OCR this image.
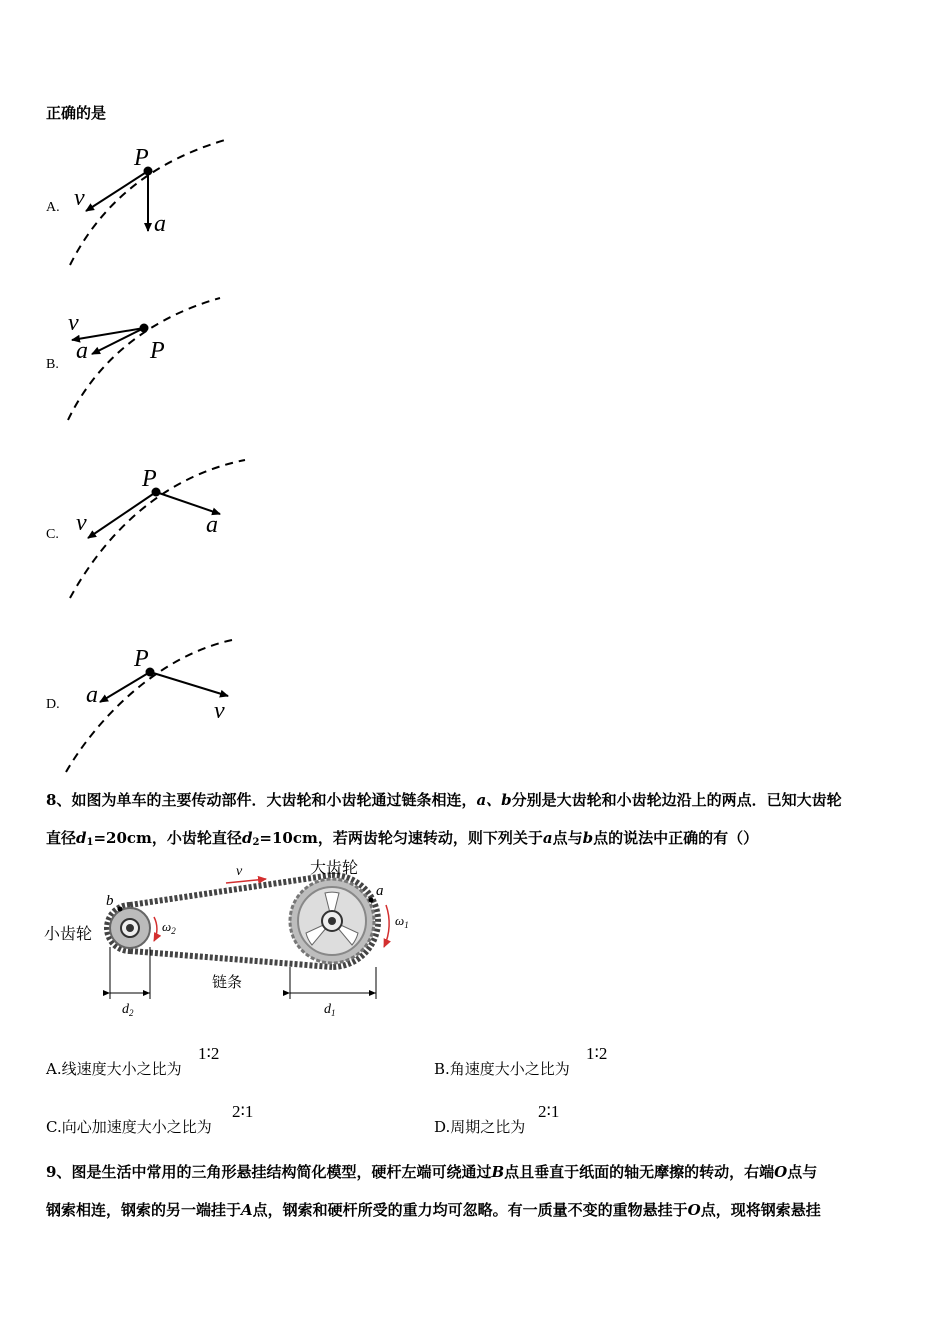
正确的是
A.
P
v
a
B.
v
a	P
C.
P
v	a
D.
P
a
v
8、如图为单车的主要传动部件．大齿轮和小齿轮通过链条相连，a、b分别是大齿轮和小齿轮边沿上的两点．已知大齿轮
直径$d_1=20cm$，小齿轮直径$d_2=10cm$，若两齿轮匀速转动，则下列关于a点与b点的说法中正确的有（）
v	大齿轮
小齿轮
链条
b
a
$\omega_2$
$\omega_1$
$d_2$	$d_1$
A.线速度大小之比为
1∶2
B.角速度大小之比为
1∶2
C.向心加速度大小之比为
2∶1
D.周期之比为
2∶1
9、图是生活中常用的三角形悬挂结构简化模型，硬杆左端可绕通过B点且垂直于纸面的轴无摩擦的转动，右端O点与
钢索相连，钢索的另一端挂于A点，钢索和硬杆所受的重力均可忽略。有一质量不变的重物悬挂于O点，现将钢索悬挂
